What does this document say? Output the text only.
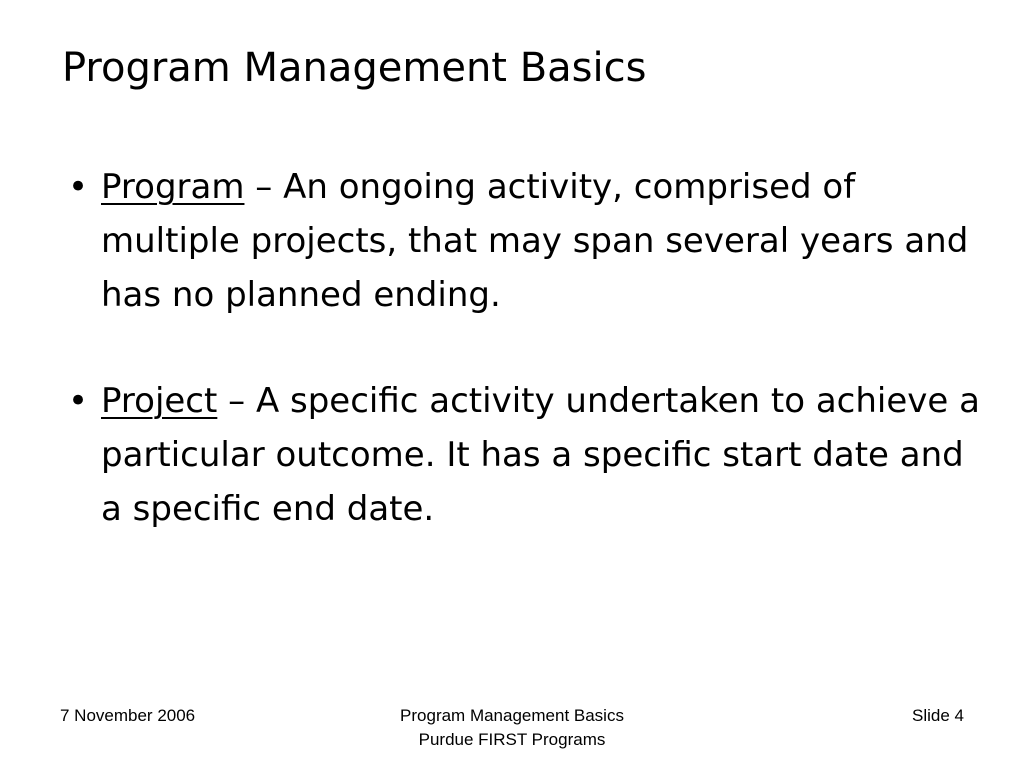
Program Management Basics
• Program – An ongoing activity, comprised of multiple projects, that may span several years and has no planned ending.
• Project – A specific activity undertaken to achieve a particular outcome. It has a specific start date and a specific end date.
7 November 2006	Program Management Basics
Purdue FIRST Programs
Slide 4
